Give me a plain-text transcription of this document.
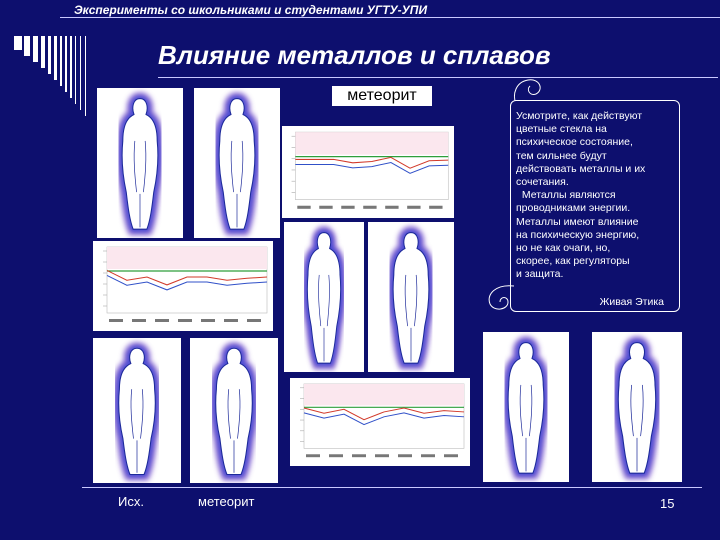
Эксперименты со школьниками и студентами УГТУ-УПИ
Влияние металлов и сплавов
метеорит
Усмотрите, как действуют
цветные стекла на
психическое состояние,
тем сильнее будут
действовать металлы и их
сочетания.
Металлы являются
проводниками энергии.
Металлы имеют влияние
на психическую энергию,
но не как очаги, но,
скорее, как регуляторы
и защита.
Живая Этика
Исх.	метеорит	15
